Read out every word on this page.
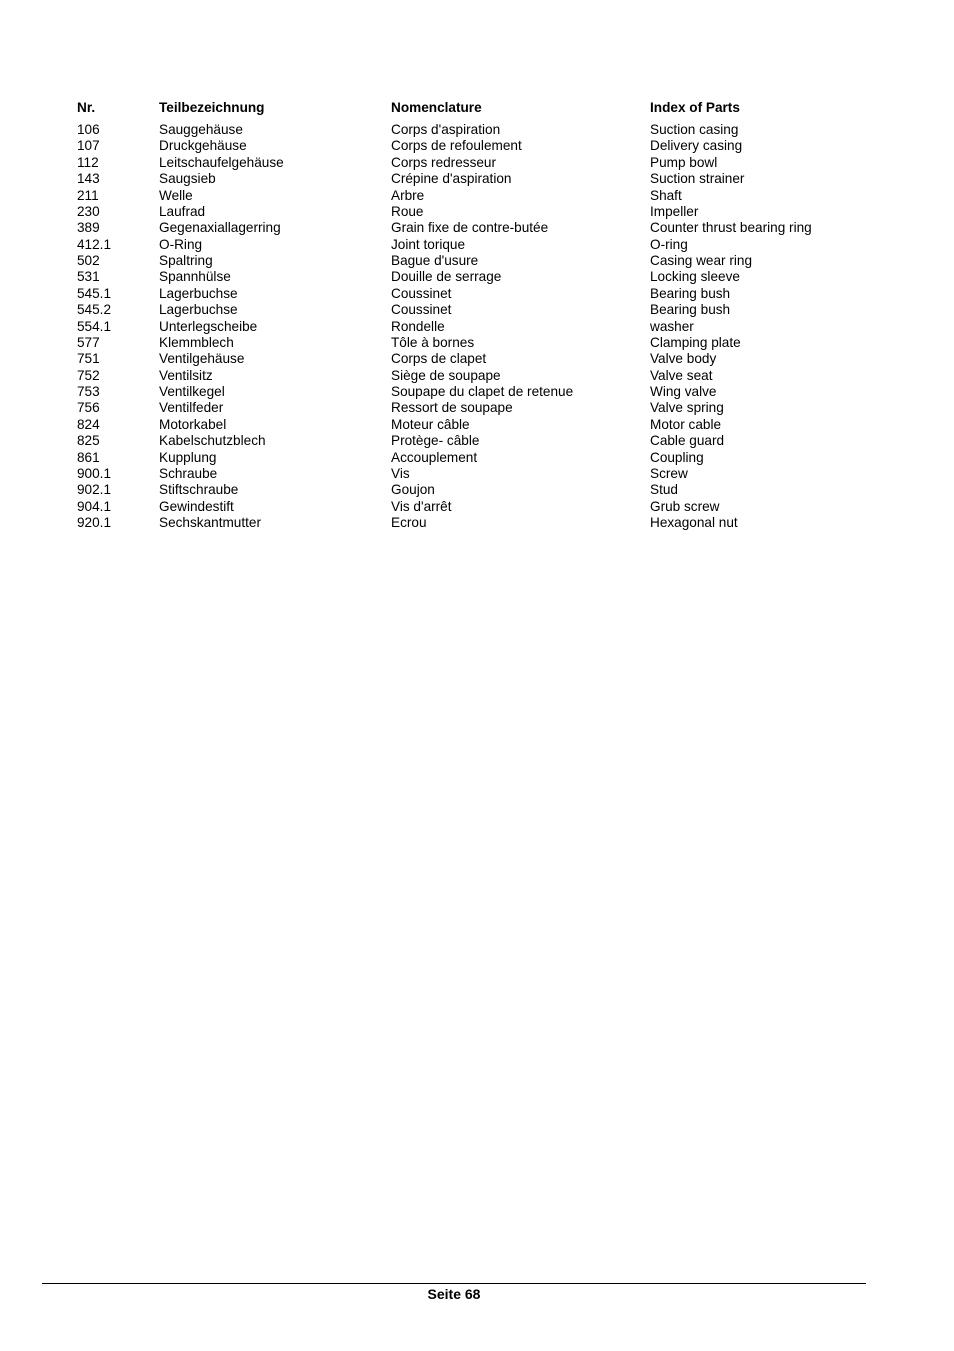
Nr.	Teilbezeichnung	Nomenclature	Index of Parts
106	Sauggehäuse	Corps d'aspiration	Suction casing
107	Druckgehäuse	Corps de refoulement	Delivery casing
112	Leitschaufelgehäuse	Corps redresseur	Pump bowl
143	Saugsieb	Crépine d'aspiration	Suction strainer
211	Welle	Arbre	Shaft
230	Laufrad	Roue	Impeller
389	Gegenaxiallagerring	Grain fixe de contre-butée	Counter thrust bearing ring
412.1	O-Ring	Joint torique	O-ring
502	Spaltring	Bague d'usure	Casing wear ring
531	Spannhülse	Douille de serrage	Locking sleeve
545.1	Lagerbuchse	Coussinet	Bearing bush
545.2	Lagerbuchse	Coussinet	Bearing bush
554.1	Unterlegscheibe	Rondelle	washer
577	Klemmblech	Tôle à bornes	Clamping plate
751	Ventilgehäuse	Corps de clapet	Valve body
752	Ventilsitz	Siège de soupape	Valve seat
753	Ventilkegel	Soupape du clapet de retenue	Wing valve
756	Ventilfeder	Ressort de soupape	Valve spring
824	Motorkabel	Moteur câble	Motor cable
825	Kabelschutzblech	Protège- câble	Cable guard
861	Kupplung	Accouplement	Coupling
900.1	Schraube	Vis	Screw
902.1	Stiftschraube	Goujon	Stud
904.1	Gewindestift	Vis d'arrêt	Grub screw
920.1	Sechskantmutter	Ecrou	Hexagonal nut
Seite 68
